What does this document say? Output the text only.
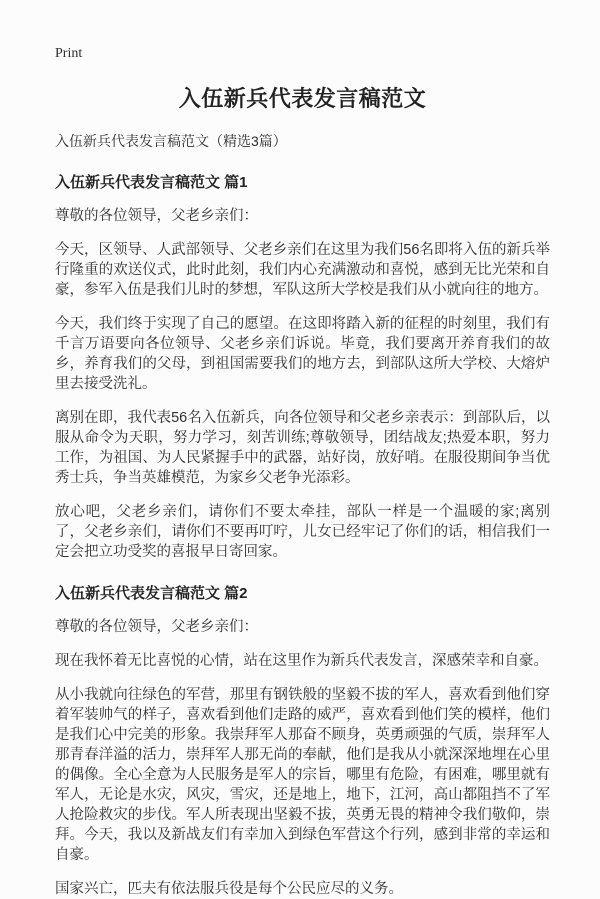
Print
入伍新兵代表发言稿范文
入伍新兵代表发言稿范文（精选3篇）
入伍新兵代表发言稿范文 篇1

尊敬的各位领导，父老乡亲们：

今天，区领导、人武部领导、父老乡亲们在这里为我们56名即将入伍的新兵举行隆重的欢送仪式，此时此刻，我们内心充满激动和喜悦，感到无比光荣和自豪，参军入伍是我们儿时的梦想，军队这所大学校是我们从小就向往的地方。

今天，我们终于实现了自己的愿望。在这即将踏入新的征程的时刻里，我们有千言万语要向各位领导、父老乡亲们诉说。毕竟，我们要离开养育我们的故乡，养育我们的父母，到祖国需要我们的地方去，到部队这所大学校、大熔炉里去接受洗礼。

离别在即，我代表56名入伍新兵，向各位领导和父老乡亲表示：到部队后，以服从命令为天职，努力学习，刻苦训练;尊敬领导，团结战友;热爱本职，努力工作，为祖国、为人民紧握手中的武器，站好岗，放好哨。在服役期间争当优秀士兵，争当英雄模范，为家乡父老争光添彩。

放心吧，父老乡亲们，请你们不要太牵挂，部队一样是一个温暖的家;离别了，父老乡亲们，请你们不要再叮咛，儿女已经牢记了你们的话，相信我们一定会把立功受奖的喜报早日寄回家。

入伍新兵代表发言稿范文 篇2

尊敬的各位领导，父老乡亲们：

现在我怀着无比喜悦的心情，站在这里作为新兵代表发言，深感荣幸和自豪。

从小我就向往绿色的军营，那里有钢铁般的坚毅不拔的军人，喜欢看到他们穿着军装帅气的样子，喜欢看到他们走路的威严，喜欢看到他们笑的模样，他们是我们心中完美的形象。我崇拜军人那奋不顾身，英勇顽强的气质，崇拜军人那青春洋溢的活力，崇拜军人那无尚的奉献，他们是我从小就深深地埋在心里的偶像。全心全意为人民服务是军人的宗旨，哪里有危险，有困难，哪里就有军人，无论是水灾，风灾，雪灾，还是地上，地下，江河，高山都阻挡不了军人抢险救灾的步伐。军人所表现出坚毅不拔，英勇无畏的精神令我们敬仰，崇拜。今天，我以及新战友们有幸加入到绿色军营这个行列，感到非常的幸运和自豪。

国家兴亡，匹夫有依法服兵役是每个公民应尽的义务。
